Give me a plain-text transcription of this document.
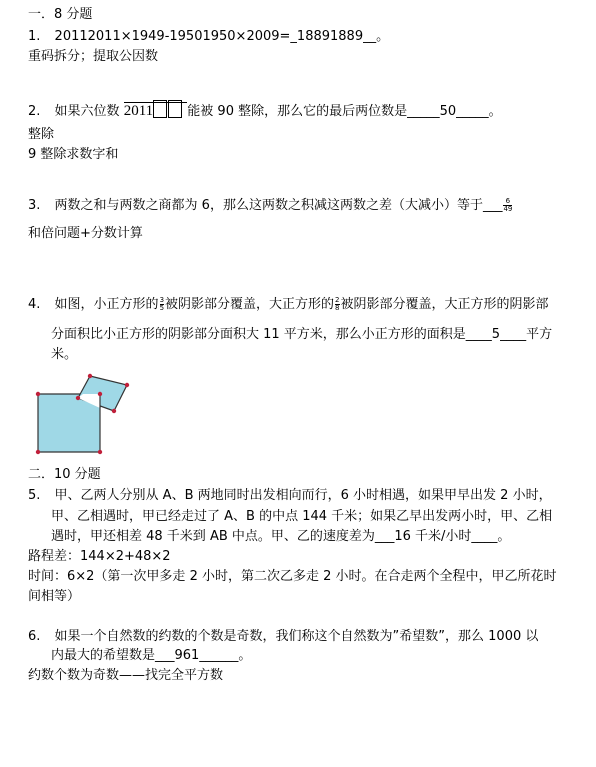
一．8 分题
1. 20112011×1949-19501950×2009=_18891889__。
重码拆分；提取公因数
2. 如果六位数 2011	能被 90 整除，那么它的最后两位数是_____50_____。
整除
9 整除求数字和
3. 两数之和与两数之商都为 6，那么这两数之积减这两数之差（大减小）等于___ $\frac{6}{49}$
和倍问题+分数计算
4. 如图，小正方形的 $\frac{3}{5}$ 被阴影部分覆盖，大正方形的 $\frac{2}{8}$ 被阴影部分覆盖，大正方形的阴影部
分面积比小正方形的阴影部分面积大 11 平方米，那么小正方形的面积是____5____平方
米。
二．10 分题
5. 甲、乙两人分别从 A、B 两地同时出发相向而行，6 小时相遇，如果甲早出发 2 小时，
甲、乙相遇时，甲已经走过了 A、B 的中点 144 千米；如果乙早出发两小时，甲、乙相
遇时，甲还相差 48 千米到 AB 中点。甲、乙的速度差为___16 千米/小时____。
路程差：144×2+48×2
时间：6×2（第一次甲多走 2 小时，第二次乙多走 2 小时。在合走两个全程中，甲乙所花时
间相等）
6. 如果一个自然数的约数的个数是奇数，我们称这个自然数为”希望数”，那么 1000 以
内最大的希望数是___961______。
约数个数为奇数——找完全平方数
